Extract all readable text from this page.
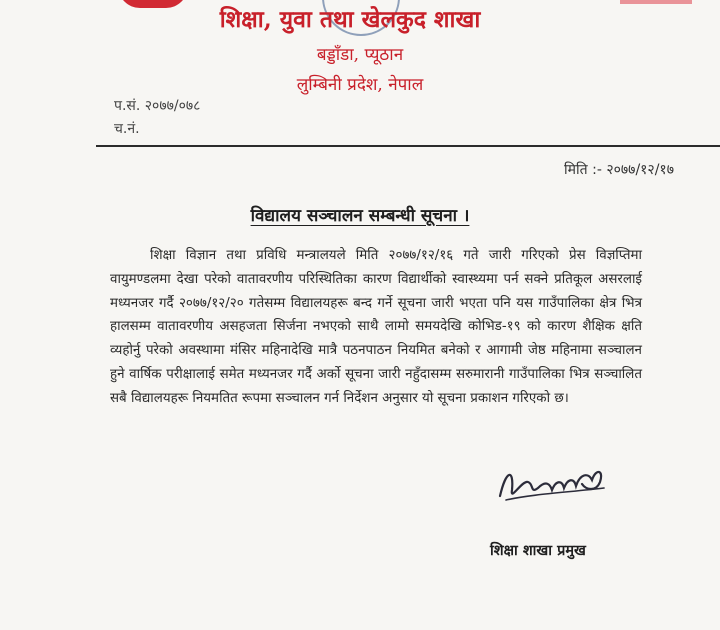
शिक्षा, युवा तथा खेलकुद शाखा
बड्डाँडा, प्यूठान
लुम्बिनी प्रदेश, नेपाल
प.सं. २०७७/०७८
च.नं.
मिति :- २०७७/१२/१७
विद्यालय सञ्चालन सम्बन्धी सूचना ।
शिक्षा विज्ञान तथा प्रविधि मन्त्रालयले मिति २०७७/१२/१६ गते जारी गरिएको प्रेस विज्ञप्तिमा वायुमण्डलमा देखा परेको वातावरणीय परिस्थितिका कारण विद्यार्थीको स्वास्थ्यमा पर्न सक्ने प्रतिकूल असरलाई मध्यनजर गर्दै २०७७/१२/२० गतेसम्म विद्यालयहरू बन्द गर्ने सूचना जारी भएता पनि यस गाउँपालिका क्षेत्र भित्र हालसम्म वातावरणीय असहजता सिर्जना नभएको साथै लामो समयदेखि कोभिड-१९ को कारण शैक्षिक क्षति व्यहोर्नु परेको अवस्थामा मंसिर महिनादेखि मात्रै पठनपाठन नियमित बनेको र आगामी जेष्ठ महिनामा सञ्चालन हुने वार्षिक परीक्षालाई समेत मध्यनजर गर्दै अर्को सूचना जारी नहुँदासम्म सरुमारानी गाउँपालिका भित्र सञ्चालित सबै विद्यालयहरू नियमतित रूपमा सञ्चालन गर्न निर्देशन अनुसार यो सूचना प्रकाशन गरिएको छ।
शिक्षा शाखा प्रमुख
